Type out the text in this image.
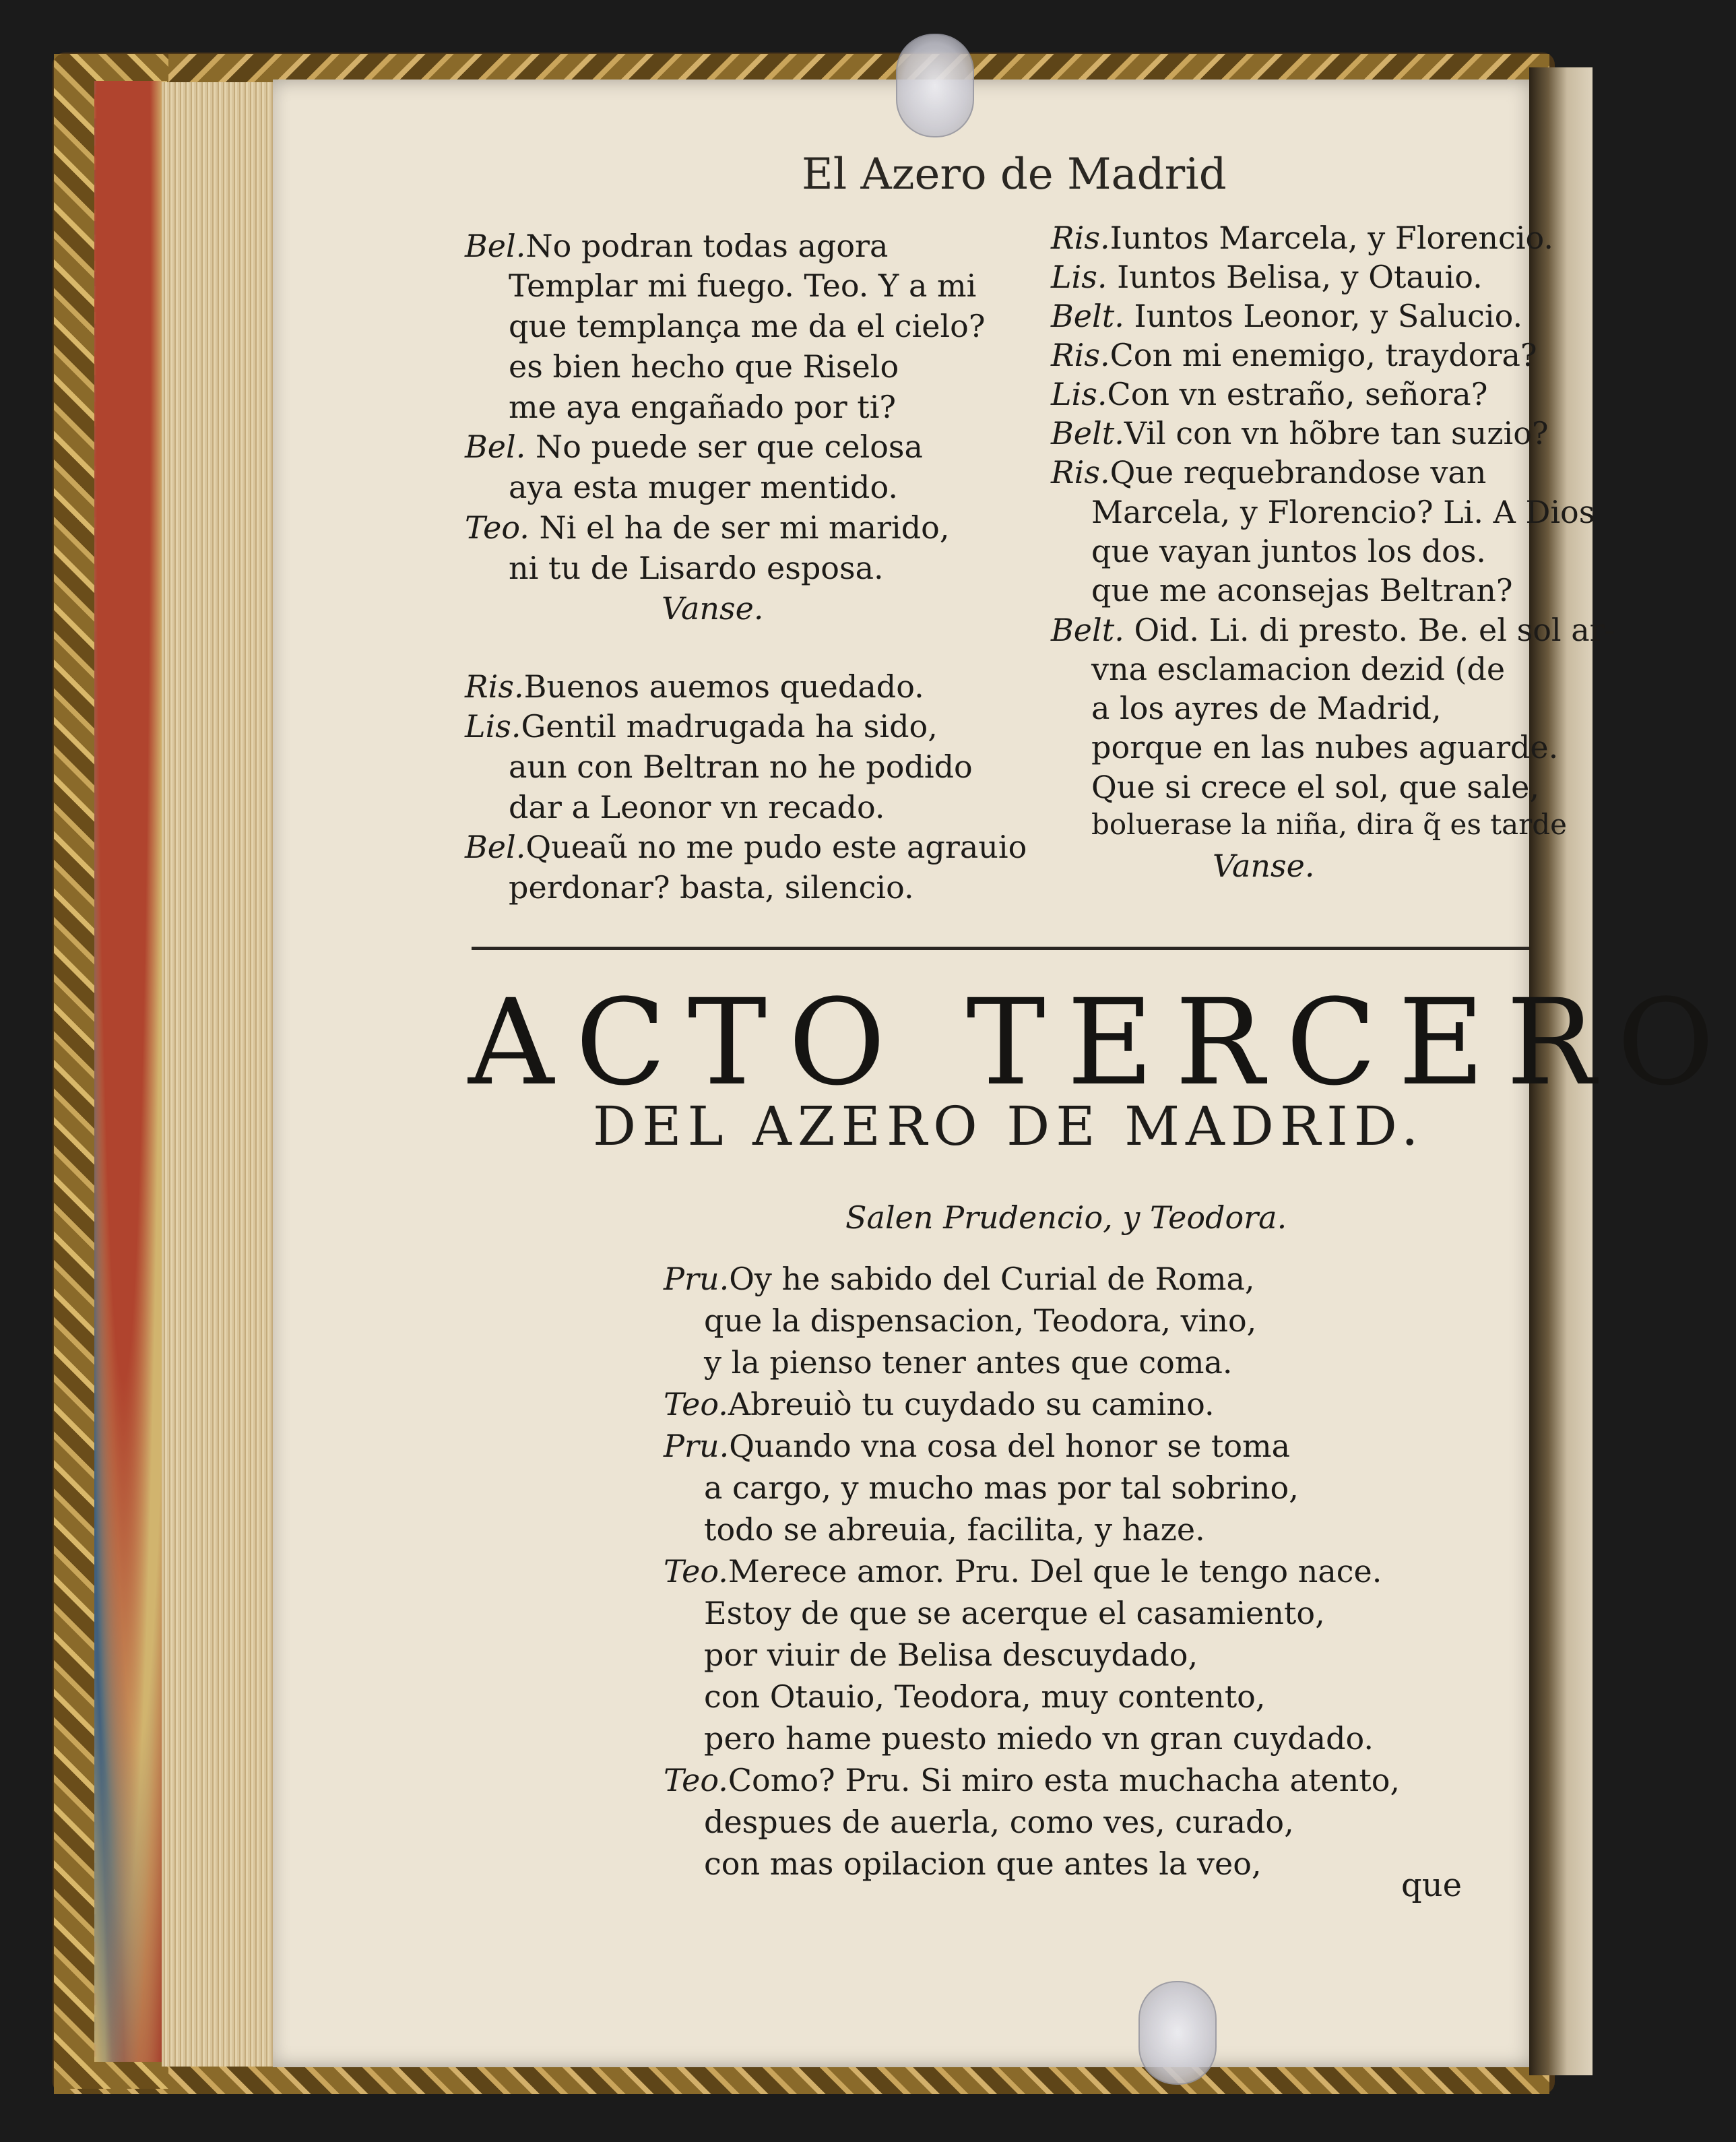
El Azero de Madrid
Bel.No podran todas agora
Templar mi fuego. Teo. Y a mi
que templança me da el cielo?
es bien hecho que Riselo
me aya engañado por ti?
Bel. No puede ser que celosa
aya esta muger mentido.
Teo. Ni el ha de ser mi marido,
ni tu de Lisardo esposa.
Vanse.
Ris.Buenos auemos quedado.
Lis.Gentil madrugada ha sido,
aun con Beltran no he podido
dar a Leonor vn recado.
Bel.Queaũ no me pudo este agrauio
perdonar? basta, silencio.
Ris.Iuntos Marcela, y Florencio.
Lis. Iuntos Belisa, y Otauio.
Belt. Iuntos Leonor, y Salucio.
Ris.Con mi enemigo, traydora?
Lis.Con vn estraño, señora?
Belt.Vil con vn hõbre tan suzio?
Ris.Que requebrandose van
Marcela, y Florencio? Li. A Dios
que vayan juntos los dos.
que me aconsejas Beltran?
Belt. Oid. Li. di presto. Be. el sol ar-
vna esclamacion dezid (de
a los ayres de Madrid,
porque en las nubes aguarde.
Que si crece el sol, que sale,
boluerase la niña, dira q̃ es tarde
Vanse.
ACTO TERCERO
DEL AZERO DE MADRID.
Salen Prudencio, y Teodora.
Pru.Oy he sabido del Curial de Roma,
que la dispensacion, Teodora, vino,
y la pienso tener antes que coma.
Teo.Abreuiò tu cuydado su camino.
Pru.Quando vna cosa del honor se toma
a cargo, y mucho mas por tal sobrino,
todo se abreuia, facilita, y haze.
Teo.Merece amor. Pru. Del que le tengo nace.
Estoy de que se acerque el casamiento,
por viuir de Belisa descuydado,
con Otauio, Teodora, muy contento,
pero hame puesto miedo vn gran cuydado.
Teo.Como? Pru. Si miro esta muchacha atento,
despues de auerla, como ves, curado,
con mas opilacion que antes la veo,
que
